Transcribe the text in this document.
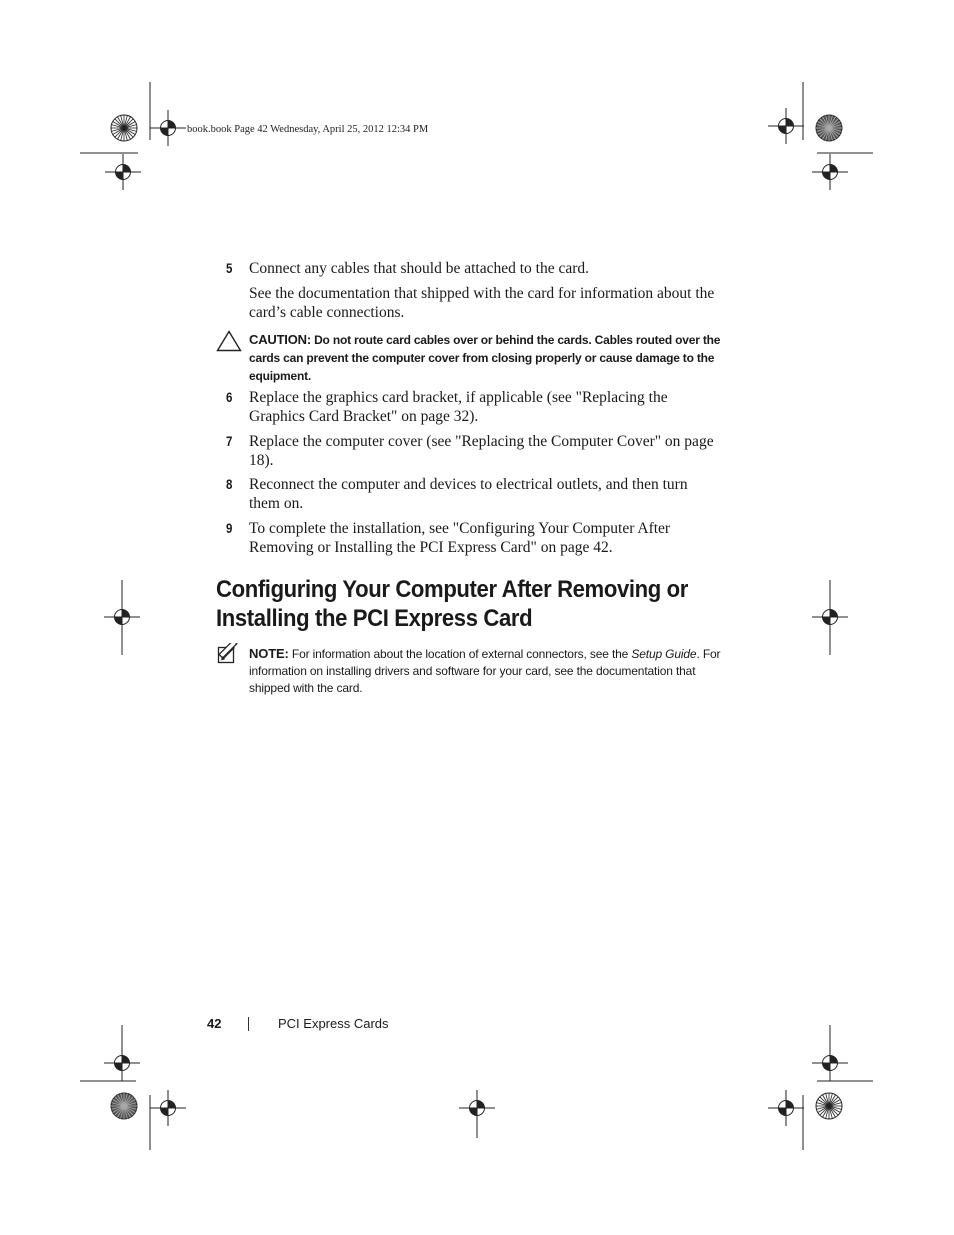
book.book Page 42 Wednesday, April 25, 2012 12:34 PM
5	Connect any cables that should be attached to the card.
See the documentation that shipped with the card for information about the card’s cable connections.
CAUTION: Do not route card cables over or behind the cards. Cables routed over the cards can prevent the computer cover from closing properly or cause damage to the equipment.
6	Replace the graphics card bracket, if applicable (see "Replacing the Graphics Card Bracket" on page 32).
7	Replace the computer cover (see "Replacing the Computer Cover" on page 18).
8	Reconnect the computer and devices to electrical outlets, and then turn them on.
9	To complete the installation, see "Configuring Your Computer After Removing or Installing the PCI Express Card" on page 42.
Configuring Your Computer After Removing or
Installing the PCI Express Card
NOTE: For information about the location of external connectors, see the Setup Guide. For information on installing drivers and software for your card, see the documentation that shipped with the card.
42	PCI Express Cards
